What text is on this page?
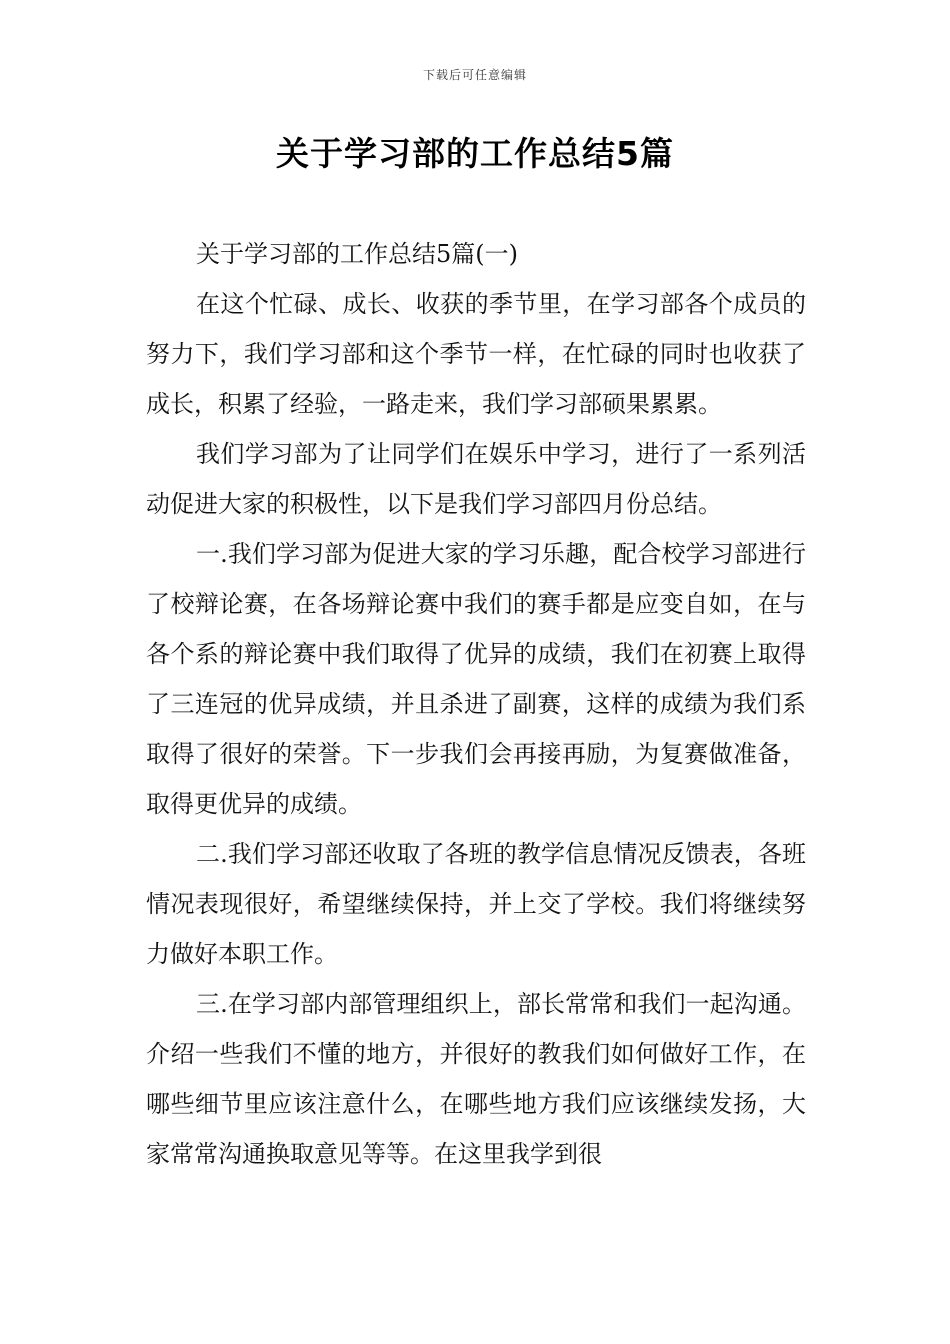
下载后可任意编辑
关于学习部的工作总结5篇

关于学习部的工作总结5篇(一)

在这个忙碌、成长、收获的季节里，在学习部各个成员的努力下，我们学习部和这个季节一样，在忙碌的同时也收获了成长，积累了经验，一路走来，我们学习部硕果累累。

我们学习部为了让同学们在娱乐中学习，进行了一系列活动促进大家的积极性，以下是我们学习部四月份总结。

一.我们学习部为促进大家的学习乐趣，配合校学习部进行了校辩论赛，在各场辩论赛中我们的赛手都是应变自如，在与各个系的辩论赛中我们取得了优异的成绩，我们在初赛上取得了三连冠的优异成绩，并且杀进了副赛，这样的成绩为我们系取得了很好的荣誉。下一步我们会再接再励，为复赛做准备，取得更优异的成绩。

二.我们学习部还收取了各班的教学信息情况反馈表，各班情况表现很好，希望继续保持，并上交了学校。我们将继续努力做好本职工作。

三.在学习部内部管理组织上，部长常常和我们一起沟通。介绍一些我们不懂的地方，并很好的教我们如何做好工作，在哪些细节里应该注意什么，在哪些地方我们应该继续发扬，大家常常沟通换取意见等等。在这里我学到很
